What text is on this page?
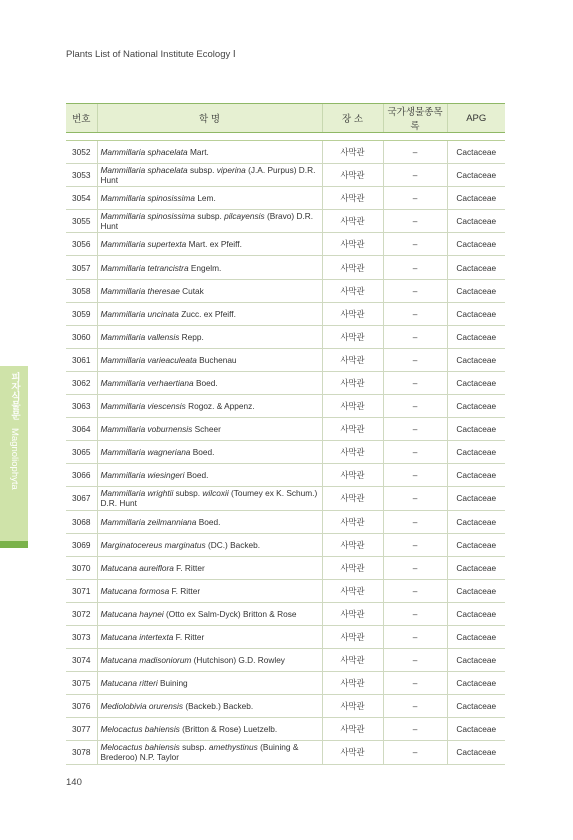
Plants List of National Institute Ecology Ⅰ
피자식물문 Magnoliophyta
번호	학 명	장 소	국가생물종목록	APG

3052	Mammillaria sphacelata Mart.	사막관	–	Cactaceae
3053	Mammillaria sphacelata subsp. viperina (J.A. Purpus) D.R. Hunt	사막관	–	Cactaceae
3054	Mammillaria spinosissima Lem.	사막관	–	Cactaceae
3055	Mammillaria spinosissima subsp. pilcayensis (Bravo) D.R. Hunt	사막관	–	Cactaceae
3056	Mammillaria supertexta Mart. ex Pfeiff.	사막관	–	Cactaceae
3057	Mammillaria tetrancistra Engelm.	사막관	–	Cactaceae
3058	Mammillaria theresae Cutak	사막관	–	Cactaceae
3059	Mammillaria uncinata Zucc. ex Pfeiff.	사막관	–	Cactaceae
3060	Mammillaria vallensis Repp.	사막관	–	Cactaceae
3061	Mammillaria varieaculeata Buchenau	사막관	–	Cactaceae
3062	Mammillaria verhaertiana Boed.	사막관	–	Cactaceae
3063	Mammillaria viescensis Rogoz. & Appenz.	사막관	–	Cactaceae
3064	Mammillaria voburnensis Scheer	사막관	–	Cactaceae
3065	Mammillaria wagneriana Boed.	사막관	–	Cactaceae
3066	Mammillaria wiesingeri Boed.	사막관	–	Cactaceae
3067	Mammillaria wrightii subsp. wilcoxii (Toumey ex K. Schum.) D.R. Hunt	사막관	–	Cactaceae
3068	Mammillaria zeilmanniana Boed.	사막관	–	Cactaceae
3069	Marginatocereus marginatus (DC.) Backeb.	사막관	–	Cactaceae
3070	Matucana aureiflora F. Ritter	사막관	–	Cactaceae
3071	Matucana formosa F. Ritter	사막관	–	Cactaceae
3072	Matucana haynei (Otto ex Salm-Dyck) Britton & Rose	사막관	–	Cactaceae
3073	Matucana intertexta F. Ritter	사막관	–	Cactaceae
3074	Matucana madisoniorum (Hutchison) G.D. Rowley	사막관	–	Cactaceae
3075	Matucana ritteri Buining	사막관	–	Cactaceae
3076	Mediolobivia orurensis (Backeb.) Backeb.	사막관	–	Cactaceae
3077	Melocactus bahiensis (Britton & Rose) Luetzelb.	사막관	–	Cactaceae
3078	Melocactus bahiensis subsp. amethystinus (Buining & Brederoo) N.P. Taylor	사막관	–	Cactaceae
140
